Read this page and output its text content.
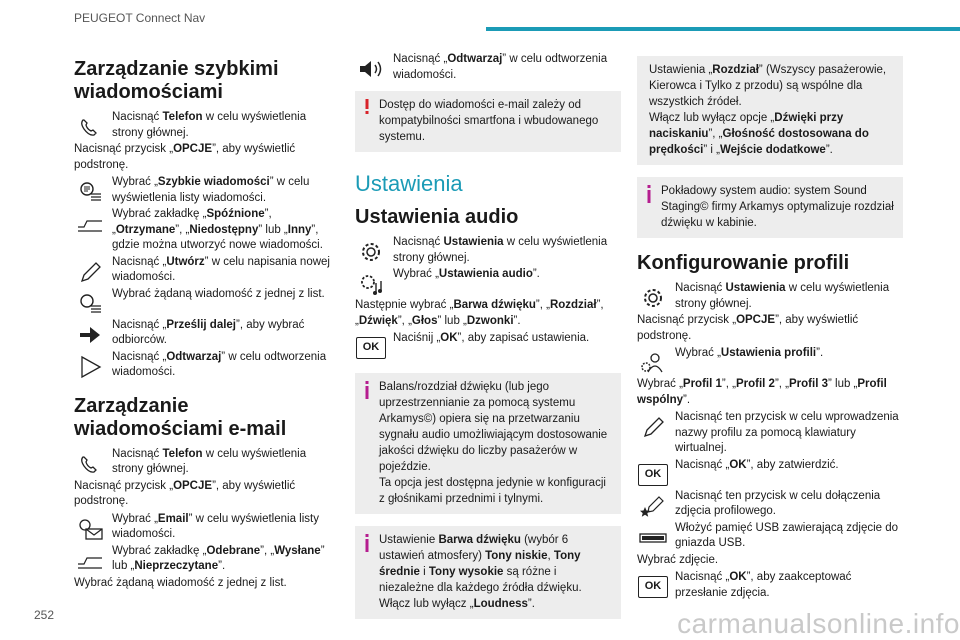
PEUGEOT Connect Nav
Zarządzanie szybkimi wiadomościami
Nacisnąć Telefon w celu wyświetlenia strony głównej.
Nacisnąć przycisk „OPCJE”, aby wyświetlić podstronę.
Wybrać „Szybkie wiadomości” w celu wyświetlenia listy wiadomości.
Wybrać zakładkę „Spóźnione”, „Otrzymane”, „Niedostępny” lub „Inny”, gdzie można utworzyć nowe wiadomości.
Nacisnąć „Utwórz” w celu napisania nowej wiadomości.
Wybrać żądaną wiadomość z jednej z list.
Nacisnąć „Prześlij dalej”, aby wybrać odbiorców.
Nacisnąć „Odtwarzaj” w celu odtworzenia wiadomości.
Zarządzanie wiadomościami e-mail
Nacisnąć Telefon w celu wyświetlenia strony głównej.
Nacisnąć przycisk „OPCJE”, aby wyświetlić podstronę.
Wybrać „Email” w celu wyświetlenia listy wiadomości.
Wybrać zakładkę „Odebrane”, „Wysłane” lub „Nieprzeczytane”.
Wybrać żądaną wiadomość z jednej z list.
Nacisnąć „Odtwarzaj” w celu odtworzenia wiadomości.
Dostęp do wiadomości e-mail zależy od kompatybilności smartfona i wbudowanego systemu.
Ustawienia
Ustawienia audio
Nacisnąć Ustawienia w celu wyświetlenia strony głównej.
Wybrać „Ustawienia audio”.
Następnie wybrać „Barwa dźwięku”, „Rozdział”, „Dźwięk”, „Głos” lub „Dzwonki”.
OK
Naciśnij „OK”, aby zapisać ustawienia.
Balans/rozdział dźwięku (lub jego uprzestrzennianie za pomocą systemu Arkamys©) opiera się na przetwarzaniu sygnału audio umożliwiającym dostosowanie jakości dźwięku do liczby pasażerów w pojeździe.
Ta opcja jest dostępna jedynie w konfiguracji z głośnikami przednimi i tylnymi.
Ustawienie Barwa dźwięku (wybór 6 ustawień atmosfery) Tony niskie, Tony średnie i Tony wysokie są różne i niezależne dla każdego źródła dźwięku.
Włącz lub wyłącz „Loudness”.
Ustawienia „Rozdział” (Wszyscy pasażerowie, Kierowca i Tylko z przodu) są wspólne dla wszystkich źródeł.
Włącz lub wyłącz opcje „Dźwięki przy naciskaniu”, „Głośność dostosowana do prędkości” i „Wejście dodatkowe”.
Pokładowy system audio: system Sound Staging© firmy Arkamys optymalizuje rozdział dźwięku w kabinie.
Konfigurowanie profili
Nacisnąć Ustawienia w celu wyświetlenia strony głównej.
Nacisnąć przycisk „OPCJE”, aby wyświetlić podstronę.
Wybrać „Ustawienia profili”.
Wybrać „Profil 1”, „Profil 2”, „Profil 3” lub „Profil wspólny”.
Nacisnąć ten przycisk w celu wprowadzenia nazwy profilu za pomocą klawiatury wirtualnej.
OK
Nacisnąć „OK”, aby zatwierdzić.
Nacisnąć ten przycisk w celu dołączenia zdjęcia profilowego.
Włożyć pamięć USB zawierającą zdjęcie do gniazda USB.
Wybrać zdjęcie.
OK
Nacisnąć „OK”, aby zaakceptować przesłanie zdjęcia.
252	carmanualsonline.info
